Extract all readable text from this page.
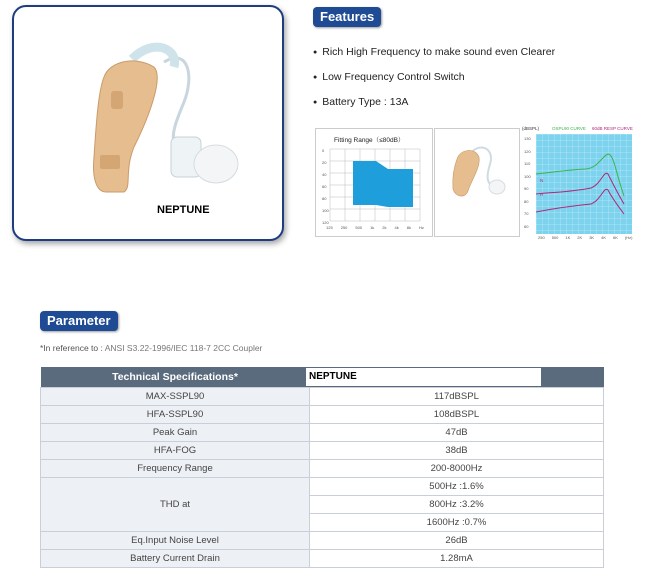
NEPTUNE
Features
● Rich High Frequency to make sound even Clearer
● Low Frequency Control Switch
● Battery Type : 13A
Fitting Range（≤80dB）
0
20
40
60
80
100
120
125 250 500 1k 2k 4k 8k Hz
(dBSPL)	OSPL90 CURVE 60dB RESP CURVE
N
H
130
120
110
100
90
80
70
60
250 500 1K 2K 3K 4K 6K (Hz)
Parameter
*In reference to : ANSI S3.22-1996/IEC 118-7 2CC Coupler
Technical Specifications*	NEPTUNE
MAX-SSPL90	117dBSPL
HFA-SSPL90	108dBSPL
Peak Gain	47dB
HFA-FOG	38dB
Frequency Range	200-8000Hz
THD at	500Hz :1.6%
	800Hz :3.2%
	1600Hz :0.7%
Eq.Input Noise Level	26dB
Battery Current Drain	1.28mA
